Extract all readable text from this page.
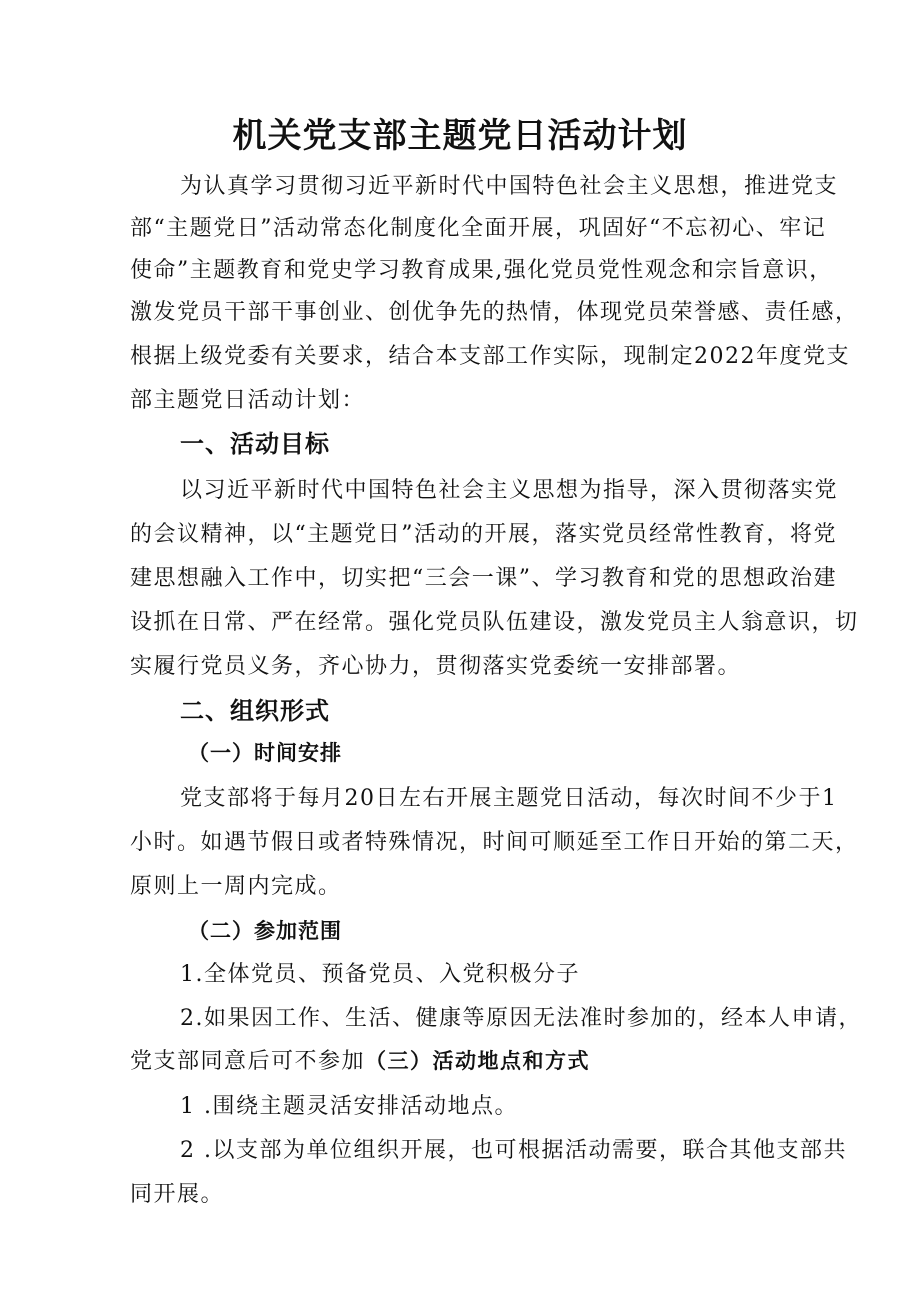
机关党支部主题党日活动计划
为认真学习贯彻习近平新时代中国特色社会主义思想，推进党支
部“主题党日”活动常态化制度化全面开展，巩固好“不忘初心、牢记
使命”主题教育和党史学习教育成果,强化党员党性观念和宗旨意识，
激发党员干部干事创业、创优争先的热情，体现党员荣誉感、责任感，
根据上级党委有关要求，结合本支部工作实际，现制定2022年度党支
部主题党日活动计划：
一、活动目标
以习近平新时代中国特色社会主义思想为指导，深入贯彻落实党
的会议精神，以“主题党日”活动的开展，落实党员经常性教育，将党
建思想融入工作中，切实把“三会一课”、学习教育和党的思想政治建
设抓在日常、严在经常。强化党员队伍建设，激发党员主人翁意识，切
实履行党员义务，齐心协力，贯彻落实党委统一安排部署。
二、组织形式
（一）时间安排
党支部将于每月20日左右开展主题党日活动，每次时间不少于1
小时。如遇节假日或者特殊情况，时间可顺延至工作日开始的第二天，
原则上一周内完成。
（二）参加范围
1.全体党员、预备党员、入党积极分子
2.如果因工作、生活、健康等原因无法准时参加的，经本人申请，
党支部同意后可不参加（三）活动地点和方式
1 .围绕主题灵活安排活动地点。
2 .以支部为单位组织开展，也可根据活动需要，联合其他支部共
同开展。
